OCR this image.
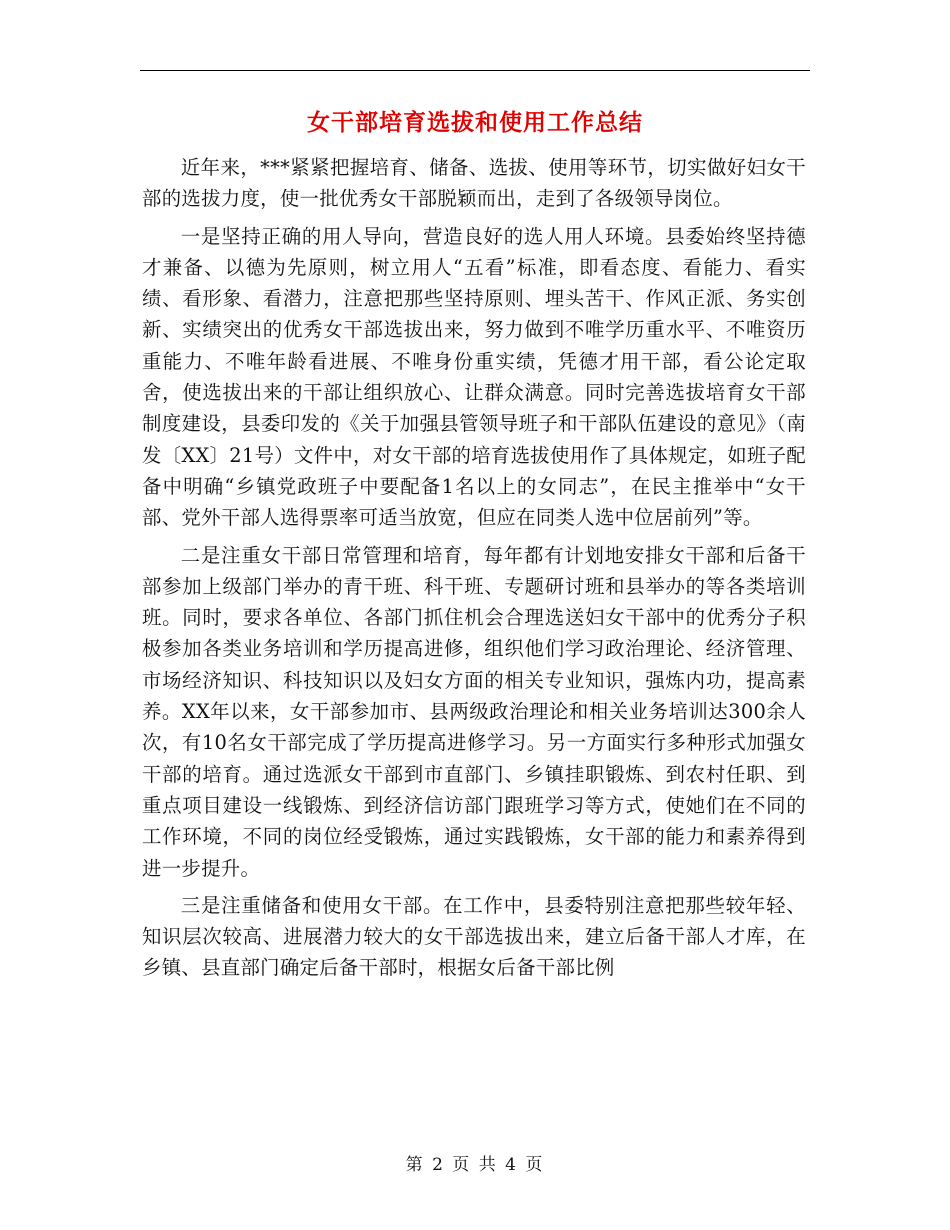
女干部培育选拔和使用工作总结

近年来，***紧紧把握培育、储备、选拔、使用等环节，切实做好妇女干部的选拔力度，使一批优秀女干部脱颖而出，走到了各级领导岗位。

一是坚持正确的用人导向，营造良好的选人用人环境。县委始终坚持德才兼备、以德为先原则，树立用人“五看”标准，即看态度、看能力、看实绩、看形象、看潜力，注意把那些坚持原则、埋头苦干、作风正派、务实创新、实绩突出的优秀女干部选拔出来，努力做到不唯学历重水平、不唯资历重能力、不唯年龄看进展、不唯身份重实绩，凭德才用干部，看公论定取舍，使选拔出来的干部让组织放心、让群众满意。同时完善选拔培育女干部制度建设，县委印发的《关于加强县管领导班子和干部队伍建设的意见》（南发〔XX〕21号）文件中，对女干部的培育选拔使用作了具体规定，如班子配备中明确“乡镇党政班子中要配备1名以上的女同志”，在民主推举中“女干部、党外干部人选得票率可适当放宽，但应在同类人选中位居前列”等。

二是注重女干部日常管理和培育，每年都有计划地安排女干部和后备干部参加上级部门举办的青干班、科干班、专题研讨班和县举办的等各类培训班。同时，要求各单位、各部门抓住机会合理选送妇女干部中的优秀分子积极参加各类业务培训和学历提高进修，组织他们学习政治理论、经济管理、市场经济知识、科技知识以及妇女方面的相关专业知识，强炼内功，提高素养。XX年以来，女干部参加市、县两级政治理论和相关业务培训达300余人次，有10名女干部完成了学历提高进修学习。另一方面实行多种形式加强女干部的培育。通过选派女干部到市直部门、乡镇挂职锻炼、到农村任职、到重点项目建设一线锻炼、到经济信访部门跟班学习等方式，使她们在不同的工作环境，不同的岗位经受锻炼，通过实践锻炼，女干部的能力和素养得到进一步提升。

三是注重储备和使用女干部。在工作中，县委特别注意把那些较年轻、知识层次较高、进展潜力较大的女干部选拔出来，建立后备干部人才库，在乡镇、县直部门确定后备干部时，根据女后备干部比例

第 2 页 共 4 页
